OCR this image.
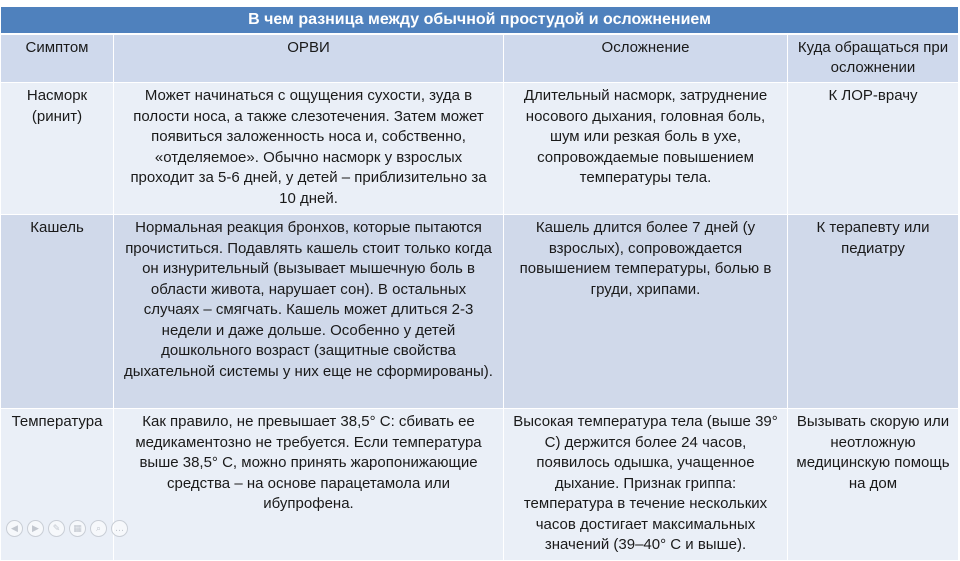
В чем разница между обычной простудой и осложнением			
Симптом	ОРВИ	Осложнение	Куда обращаться при осложнении
Насморк (ринит)	Может начинаться с ощущения сухости, зуда в полости носа, а также слезотечения. Затем может появиться заложенность носа и, собственно, «отделяемое». Обычно насморк у взрослых проходит за 5-6 дней, у детей – приблизительно за 10 дней.	Длительный насморк, затруднение носового дыхания, головная боль, шум или резкая боль в ухе, сопровождаемые повышением температуры тела.	К ЛОР-врачу
Кашель	Нормальная реакция бронхов, которые пытаются прочиститься. Подавлять кашель стоит только когда он изнурительный (вызывает мышечную боль в области живота, нарушает сон). В остальных случаях – смягчать. Кашель может длиться 2-3 недели и даже дольше. Особенно у детей дошкольного возраст (защитные свойства дыхательной системы у них еще не сформированы).	Кашель длится более 7 дней (у взрослых), сопровождается повышением температуры, болью в груди, хрипами.	К терапевту или педиатру
Температура	Как правило, не превышает 38,5° С: сбивать ее медикаментозно не требуется. Если температура выше 38,5° С, можно принять жаропонижающие средства – на основе парацетамола или ибупрофена.	Высокая температура тела (выше 39° С) держится более 24 часов, появилось одышка, учащенное дыхание. Признак гриппа: температура в течение нескольких часов достигает максимальных значений (39–40° С и выше).	Вызывать скорую или неотложную медицинскую помощь на дом
◀	▶	✎	▦	⌕	…
